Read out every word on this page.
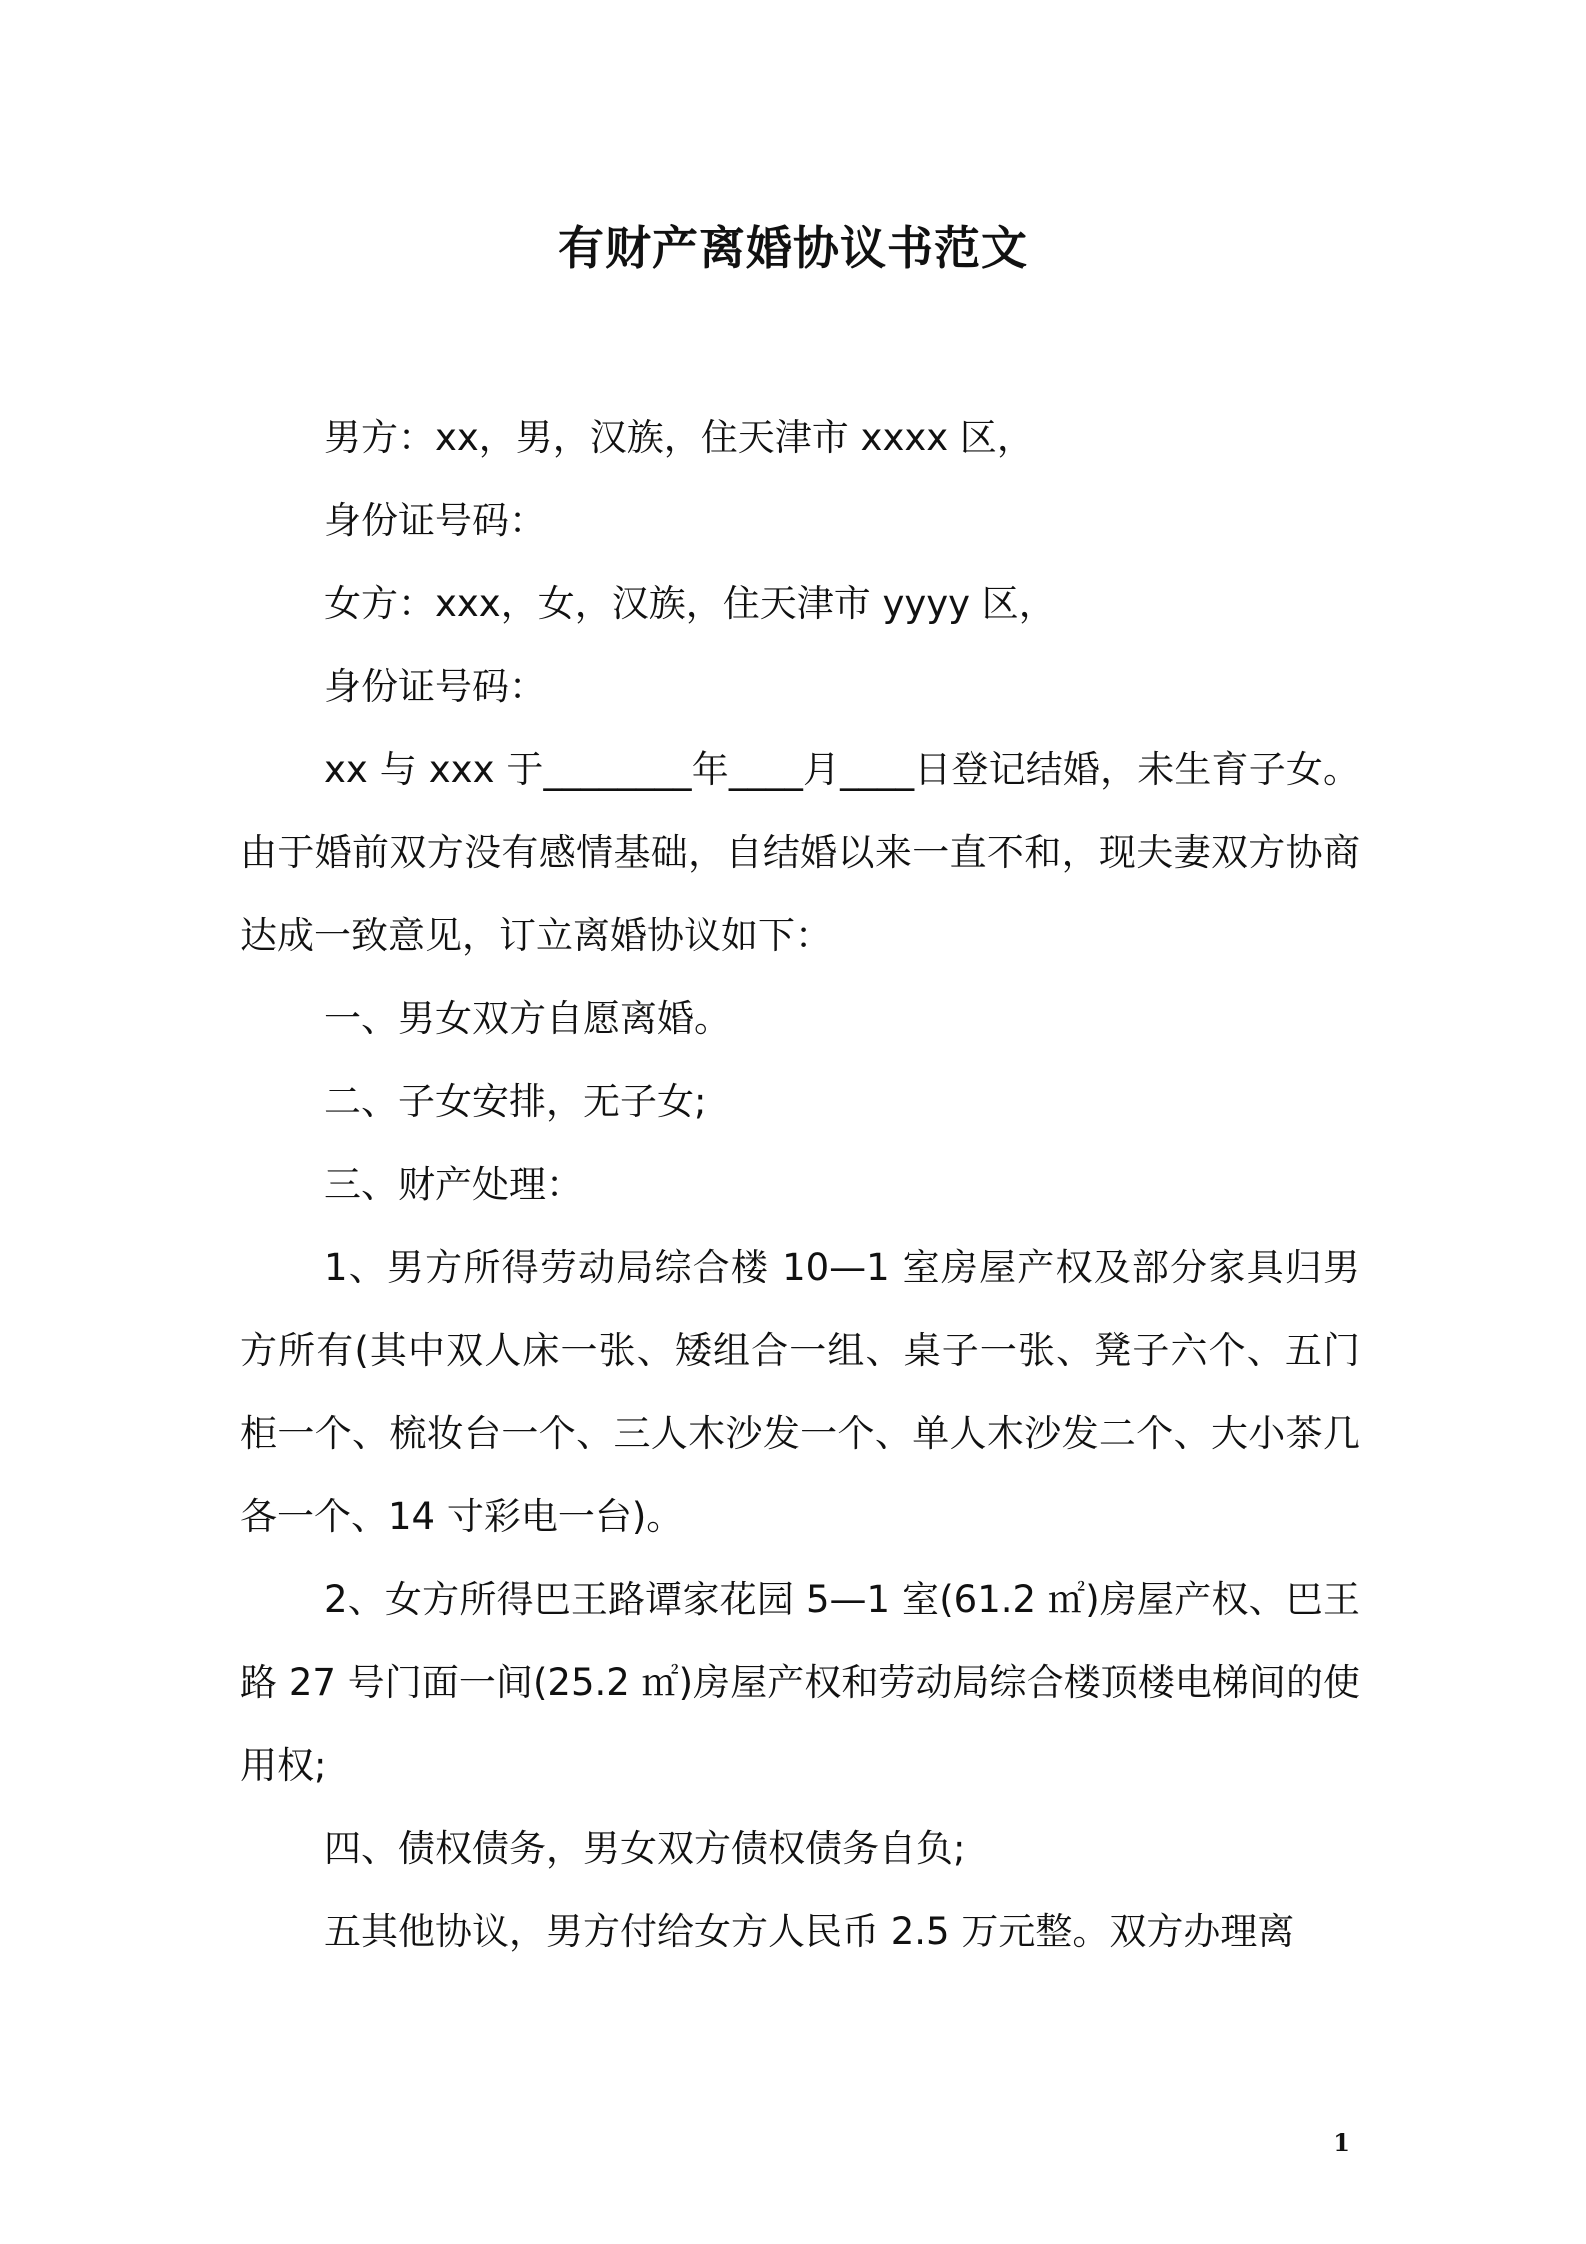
有财产离婚协议书范文

男方：xx，男，汉族，住天津市 xxxx 区，

身份证号码：

女方：xxx，女，汉族，住天津市 yyyy 区，

身份证号码：

xx 与 xxx 于________年____月____日登记结婚，未生育子女。由于婚前双方没有感情基础，自结婚以来一直不和，现夫妻双方协商达成一致意见，订立离婚协议如下：

一、男女双方自愿离婚。

二、子女安排，无子女;

三、财产处理：

1、男方所得劳动局综合楼 10—1 室房屋产权及部分家具归男方所有(其中双人床一张、矮组合一组、桌子一张、凳子六个、五门柜一个、梳妆台一个、三人木沙发一个、单人木沙发二个、大小茶几各一个、14 寸彩电一台)。

2、女方所得巴王路谭家花园 5—1 室(61.2 ㎡)房屋产权、巴王路 27 号门面一间(25.2 ㎡)房屋产权和劳动局综合楼顶楼电梯间的使用权;

四、债权债务，男女双方债权债务自负;

五其他协议，男方付给女方人民币 2.5 万元整。双方办理离

1
